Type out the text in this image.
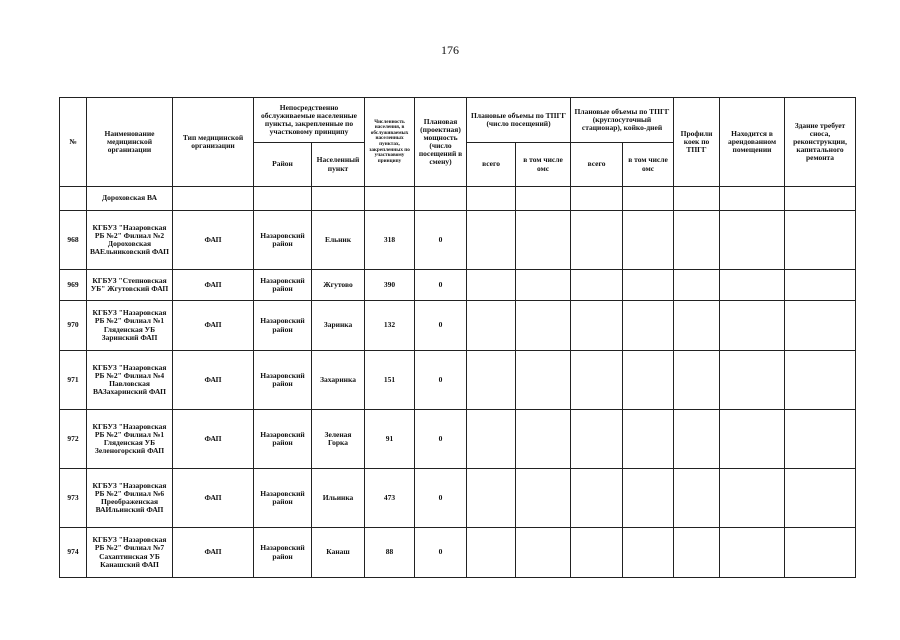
176
№	Наименование медицинской организации	Тип медицинской организации	Непосредственно обслуживаемые населенные пункты, закрепленные по участковому принципу		Численность населения, в обслуживаемых населенных пунктах, закрепленных по участковому принципу	Плановая (проектная) мощность (число посещений в смену)	Плановые объемы по ТПГГ (число посещений)		Плановые объемы по ТПГГ (круглосуточный стационар), койко-дней		Профили коек по ТПГГ	Находится в арендованном помещении	Здание требует сноса, реконструкции, капитального ремонта
			Район	Населенный пункт			всего	в том числе омс	всего	в том числе омс			
	Дороховская ВА												
968	КГБУЗ "Назаровская РБ №2" Филиал №2 Дороховская ВАЕльниковский ФАП	ФАП	Назаровский район	Ельник	318	0							
969	КГБУЗ "Степновская УБ" Жгутовский ФАП	ФАП	Назаровский район	Жгутово	390	0							
970	КГБУЗ "Назаровская РБ №2" Филиал №1 Гляденская УБ Заринский ФАП	ФАП	Назаровский район	Заринка	132	0							
971	КГБУЗ "Назаровская РБ №2" Филиал №4 Павловская ВАЗахаринский ФАП	ФАП	Назаровский район	Захаринка	151	0							
972	КГБУЗ "Назаровская РБ №2" Филиал №1 Гляденская УБ Зеленогорский ФАП	ФАП	Назаровский район	Зеленая Горка	91	0							
973	КГБУЗ "Назаровская РБ №2" Филиал №6 Преображенская ВАИльинский ФАП	ФАП	Назаровский район	Ильинка	473	0							
974	КГБУЗ "Назаровская РБ №2" Филиал №7 Сахаптинская УБ Канашский ФАП	ФАП	Назаровский район	Канаш	88	0							
